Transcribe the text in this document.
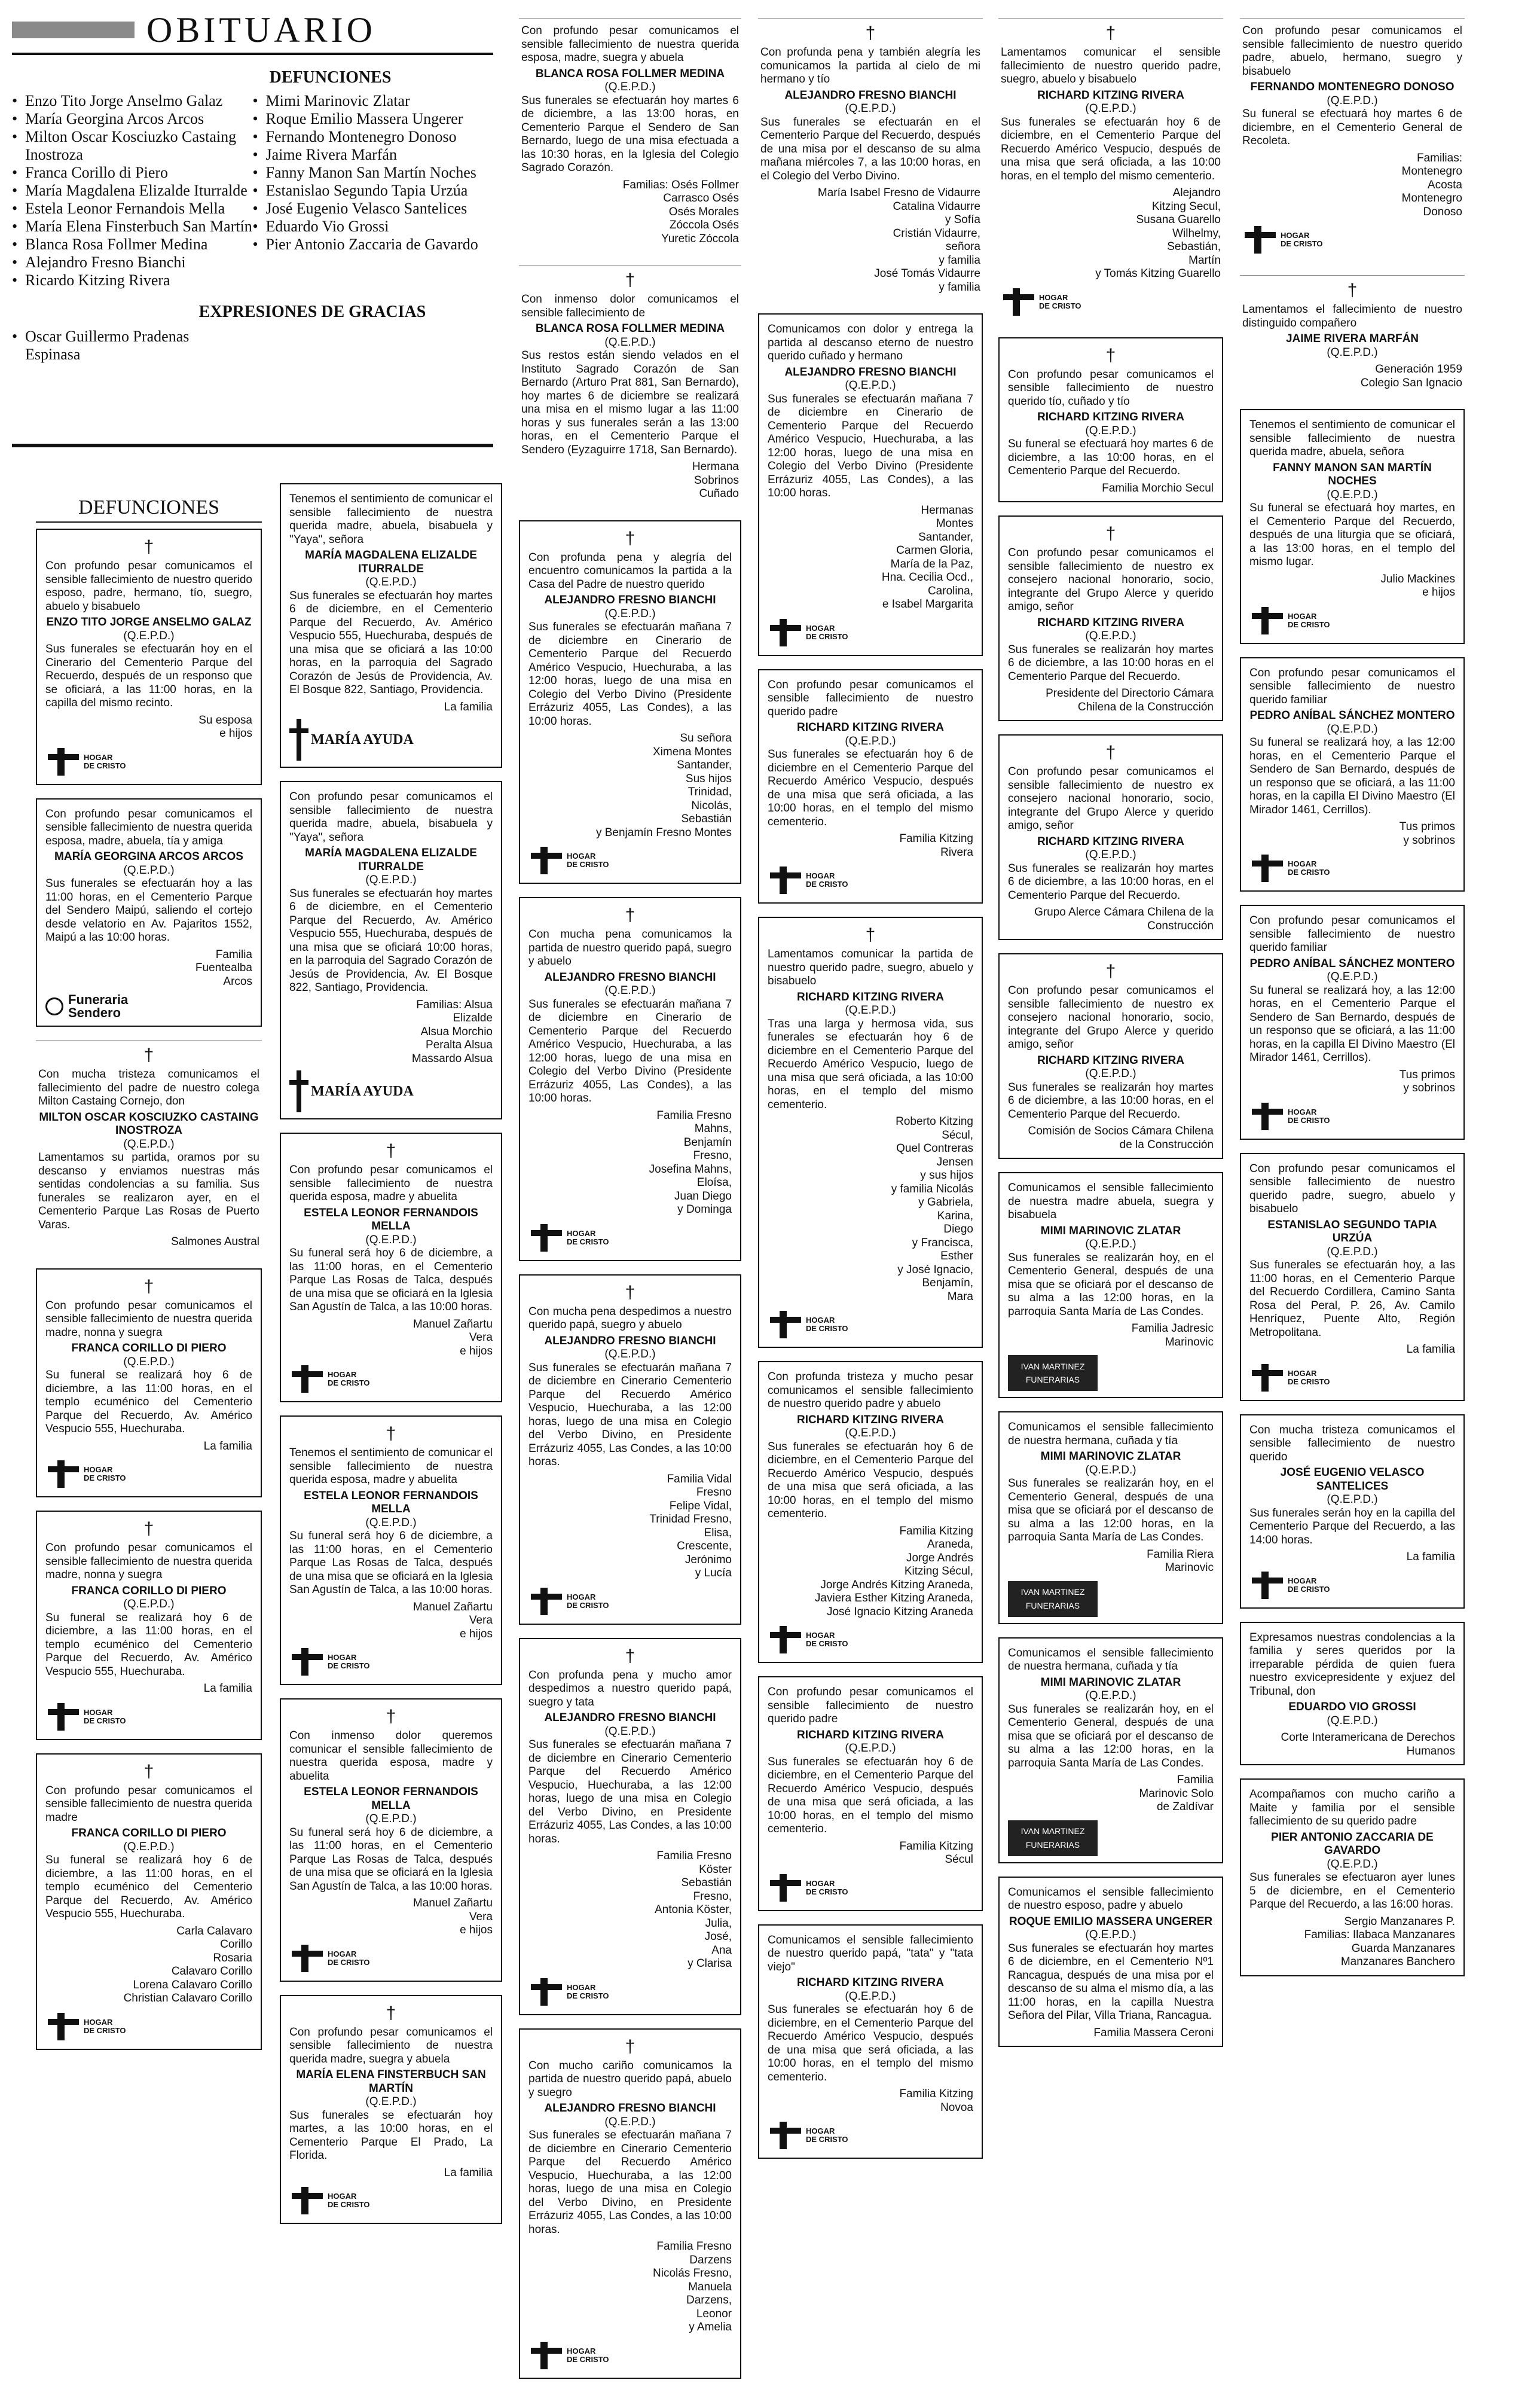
OBITUARIO
DEFUNCIONES
• Enzo Tito Jorge Anselmo Galaz
• María Georgina Arcos Arcos
• Milton Oscar Kosciuzko Castaing Inostroza
• Franca Corillo di Piero
• María Magdalena Elizalde Iturralde
• Estela Leonor Fernandois Mella
• María Elena Finsterbuch San Martín
• Blanca Rosa Follmer Medina
• Alejandro Fresno Bianchi
• Ricardo Kitzing Rivera
• Mimi Marinovic Zlatar
• Roque Emilio Massera Ungerer
• Fernando Montenegro Donoso
• Jaime Rivera Marfán
• Fanny Manon San Martín Noches
• Estanislao Segundo Tapia Urzúa
• José Eugenio Velasco Santelices
• Eduardo Vio Grossi
• Pier Antonio Zaccaria de Gavardo
EXPRESIONES DE GRACIAS
• Oscar Guillermo Pradenas Espinasa
DEFUNCIONES
†
Con profundo pesar comunicamos el sensible fallecimiento de nuestro querido esposo, padre, hermano, tío, suegro, abuelo y bisabuelo
ENZO TITO JORGE ANSELMO GALAZ
(Q.E.P.D.)
Sus funerales se efectuarán hoy en el Cinerario del Cementerio Parque del Recuerdo, después de un responso que se oficiará, a las 11:00 horas, en la capilla del mismo recinto.
Su esposa
e hijos
HOGAR
DE CRISTO
Con profundo pesar comunicamos el sensible fallecimiento de nuestra querida esposa, madre, abuela, tía y amiga
MARÍA GEORGINA ARCOS ARCOS
(Q.E.P.D.)
Sus funerales se efectuarán hoy a las 11:00 horas, en el Cementerio Parque del Sendero Maipú, saliendo el cortejo desde velatorio en Av. Pajaritos 1552, Maipú a las 10:00 horas.
Familia
Fuentealba
Arcos
Funeraria
Sendero
†
Con mucha tristeza comunicamos el fallecimiento del padre de nuestro colega Milton Castaing Cornejo, don
MILTON OSCAR KOSCIUZKO CASTAING INOSTROZA
(Q.E.P.D.)
Lamentamos su partida, oramos por su descanso y enviamos nuestras más sentidas condolencias a su familia. Sus funerales se realizaron ayer, en el Cementerio Parque Las Rosas de Puerto Varas.
Salmones Austral
†
Con profundo pesar comunicamos el sensible fallecimiento de nuestra querida madre, nonna y suegra
FRANCA CORILLO DI PIERO
(Q.E.P.D.)
Su funeral se realizará hoy 6 de diciembre, a las 11:00 horas, en el templo ecuménico del Cementerio Parque del Recuerdo, Av. Américo Vespucio 555, Huechuraba.
La familia
HOGAR
DE CRISTO
†
Con profundo pesar comunicamos el sensible fallecimiento de nuestra querida madre, nonna y suegra
FRANCA CORILLO DI PIERO
(Q.E.P.D.)
Su funeral se realizará hoy 6 de diciembre, a las 11:00 horas, en el templo ecuménico del Cementerio Parque del Recuerdo, Av. Américo Vespucio 555, Huechuraba.
La familia
HOGAR
DE CRISTO
†
Con profundo pesar comunicamos el sensible fallecimiento de nuestra querida madre
FRANCA CORILLO DI PIERO
(Q.E.P.D.)
Su funeral se realizará hoy 6 de diciembre, a las 11:00 horas, en el templo ecuménico del Cementerio Parque del Recuerdo, Av. Américo Vespucio 555, Huechuraba.
Carla Calavaro
Corillo
Rosaria
Calavaro Corillo
Lorena Calavaro Corillo
Christian Calavaro Corillo
HOGAR
DE CRISTO
Tenemos el sentimiento de comunicar el sensible fallecimiento de nuestra querida madre, abuela, bisabuela y "Yaya", señora
MARÍA MAGDALENA ELIZALDE ITURRALDE
(Q.E.P.D.)
Sus funerales se efectuarán hoy martes 6 de diciembre, en el Cementerio Parque del Recuerdo, Av. Américo Vespucio 555, Huechuraba, después de una misa que se oficiará a las 10:00 horas, en la parroquia del Sagrado Corazón de Jesús de Providencia, Av. El Bosque 822, Santiago, Providencia.
La familia
MARÍA AYUDA
Con profundo pesar comunicamos el sensible fallecimiento de nuestra querida madre, abuela, bisabuela y "Yaya", señora
MARÍA MAGDALENA ELIZALDE ITURRALDE
(Q.E.P.D.)
Sus funerales se efectuarán hoy martes 6 de diciembre, en el Cementerio Parque del Recuerdo, Av. Américo Vespucio 555, Huechuraba, después de una misa que se oficiará 10:00 horas, en la parroquia del Sagrado Corazón de Jesús de Providencia, Av. El Bosque 822, Santiago, Providencia.
Familias: Alsua
Elizalde
Alsua Morchio
Peralta Alsua
Massardo Alsua
MARÍA AYUDA
†
Con profundo pesar comunicamos el sensible fallecimiento de nuestra querida esposa, madre y abuelita
ESTELA LEONOR FERNANDOIS MELLA
(Q.E.P.D.)
Su funeral será hoy 6 de diciembre, a las 11:00 horas, en el Cementerio Parque Las Rosas de Talca, después de una misa que se oficiará en la Iglesia San Agustín de Talca, a las 10:00 horas.
Manuel Zañartu
Vera
e hijos
HOGAR
DE CRISTO
†
Tenemos el sentimiento de comunicar el sensible fallecimiento de nuestra querida esposa, madre y abuelita
ESTELA LEONOR FERNANDOIS MELLA
(Q.E.P.D.)
Su funeral será hoy 6 de diciembre, a las 11:00 horas, en el Cementerio Parque Las Rosas de Talca, después de una misa que se oficiará en la Iglesia San Agustín de Talca, a las 10:00 horas.
Manuel Zañartu
Vera
e hijos
HOGAR
DE CRISTO
†
Con inmenso dolor queremos comunicar el sensible fallecimiento de nuestra querida esposa, madre y abuelita
ESTELA LEONOR FERNANDOIS MELLA
(Q.E.P.D.)
Su funeral será hoy 6 de diciembre, a las 11:00 horas, en el Cementerio Parque Las Rosas de Talca, después de una misa que se oficiará en la Iglesia San Agustín de Talca, a las 10:00 horas.
Manuel Zañartu
Vera
e hijos
HOGAR
DE CRISTO
†
Con profundo pesar comunicamos el sensible fallecimiento de nuestra querida madre, suegra y abuela
MARÍA ELENA FINSTERBUCH SAN MARTÍN
(Q.E.P.D.)
Sus funerales se efectuarán hoy martes, a las 10:00 horas, en el Cementerio Parque El Prado, La Florida.
La familia
HOGAR
DE CRISTO
Con profundo pesar comunicamos el sensible fallecimiento de nuestra querida esposa, madre, suegra y abuela
BLANCA ROSA FOLLMER MEDINA
(Q.E.P.D.)
Sus funerales se efectuarán hoy martes 6 de diciembre, a las 13:00 horas, en Cementerio Parque el Sendero de San Bernardo, luego de una misa efectuada a las 10:30 horas, en la Iglesia del Colegio Sagrado Corazón.
Familias: Osés Follmer
Carrasco Osés
Osés Morales
Zóccola Osés
Yuretic Zóccola
†
Con inmenso dolor comunicamos el sensible fallecimiento de
BLANCA ROSA FOLLMER MEDINA
(Q.E.P.D.)
Sus restos están siendo velados en el Instituto Sagrado Corazón de San Bernardo (Arturo Prat 881, San Bernardo), hoy martes 6 de diciembre se realizará una misa en el mismo lugar a las 11:00 horas y sus funerales serán a las 13:00 horas, en el Cementerio Parque el Sendero (Eyzaguirre 1718, San Bernardo).
Hermana
Sobrinos
Cuñado
†
Con profunda pena y alegría del encuentro comunicamos la partida a la Casa del Padre de nuestro querido
ALEJANDRO FRESNO BIANCHI
(Q.E.P.D.)
Sus funerales se efectuarán mañana 7 de diciembre en Cinerario de Cementerio Parque del Recuerdo Américo Vespucio, Huechuraba, a las 12:00 horas, luego de una misa en Colegio del Verbo Divino (Presidente Errázuriz 4055, Las Condes), a las 10:00 horas.
Su señora
Ximena Montes
Santander,
Sus hijos
Trinidad,
Nicolás,
Sebastián
y Benjamín Fresno Montes
HOGAR
DE CRISTO
†
Con mucha pena comunicamos la partida de nuestro querido papá, suegro y abuelo
ALEJANDRO FRESNO BIANCHI
(Q.E.P.D.)
Sus funerales se efectuarán mañana 7 de diciembre en Cinerario de Cementerio Parque del Recuerdo Américo Vespucio, Huechuraba, a las 12:00 horas, luego de una misa en Colegio del Verbo Divino (Presidente Errázuriz 4055, Las Condes), a las 10:00 horas.
Familia Fresno
Mahns,
Benjamín
Fresno,
Josefina Mahns,
Eloísa,
Juan Diego
y Dominga
HOGAR
DE CRISTO
†
Con mucha pena despedimos a nuestro querido papá, suegro y abuelo
ALEJANDRO FRESNO BIANCHI
(Q.E.P.D.)
Sus funerales se efectuarán mañana 7 de diciembre en Cinerario Cementerio Parque del Recuerdo Américo Vespucio, Huechuraba, a las 12:00 horas, luego de una misa en Colegio del Verbo Divino, en Presidente Errázuriz 4055, Las Condes, a las 10:00 horas.
Familia Vidal
Fresno
Felipe Vidal,
Trinidad Fresno,
Elisa,
Crescente,
Jerónimo
y Lucía
HOGAR
DE CRISTO
†
Con profunda pena y mucho amor despedimos a nuestro querido papá, suegro y tata
ALEJANDRO FRESNO BIANCHI
(Q.E.P.D.)
Sus funerales se efectuarán mañana 7 de diciembre en Cinerario Cementerio Parque del Recuerdo Américo Vespucio, Huechuraba, a las 12:00 horas, luego de una misa en Colegio del Verbo Divino, en Presidente Errázuriz 4055, Las Condes, a las 10:00 horas.
Familia Fresno
Köster
Sebastián
Fresno,
Antonia Köster,
Julia,
José,
Ana
y Clarisa
HOGAR
DE CRISTO
†
Con mucho cariño comunicamos la partida de nuestro querido papá, abuelo y suegro
ALEJANDRO FRESNO BIANCHI
(Q.E.P.D.)
Sus funerales se efectuarán mañana 7 de diciembre en Cinerario Cementerio Parque del Recuerdo Américo Vespucio, Huechuraba, a las 12:00 horas, luego de una misa en Colegio del Verbo Divino, en Presidente Errázuriz 4055, Las Condes, a las 10:00 horas.
Familia Fresno
Darzens
Nicolás Fresno,
Manuela
Darzens,
Leonor
y Amelia
HOGAR
DE CRISTO
†
Con profunda pena y también alegría les comunicamos la partida al cielo de mi hermano y tío
ALEJANDRO FRESNO BIANCHI
(Q.E.P.D.)
Sus funerales se efectuarán en el Cementerio Parque del Recuerdo, después de una misa por el descanso de su alma mañana miércoles 7, a las 10:00 horas, en el Colegio del Verbo Divino.
María Isabel Fresno de Vidaurre
Catalina Vidaurre
y Sofía
Cristián Vidaurre,
señora
y familia
José Tomás Vidaurre
y familia
Comunicamos con dolor y entrega la partida al descanso eterno de nuestro querido cuñado y hermano
ALEJANDRO FRESNO BIANCHI
(Q.E.P.D.)
Sus funerales se efectuarán mañana 7 de diciembre en Cinerario de Cementerio Parque del Recuerdo Américo Vespucio, Huechuraba, a las 12:00 horas, luego de una misa en Colegio del Verbo Divino (Presidente Errázuriz 4055, Las Condes), a las 10:00 horas.
Hermanas
Montes
Santander,
Carmen Gloria,
María de la Paz,
Hna. Cecilia Ocd.,
Carolina,
e Isabel Margarita
HOGAR
DE CRISTO
Con profundo pesar comunicamos el sensible fallecimiento de nuestro querido padre
RICHARD KITZING RIVERA
(Q.E.P.D.)
Sus funerales se efectuarán hoy 6 de diciembre en el Cementerio Parque del Recuerdo Américo Vespucio, después de una misa que será oficiada, a las 10:00 horas, en el templo del mismo cementerio.
Familia Kitzing
Rivera
HOGAR
DE CRISTO
†
Lamentamos comunicar la partida de nuestro querido padre, suegro, abuelo y bisabuelo
RICHARD KITZING RIVERA
(Q.E.P.D.)
Tras una larga y hermosa vida, sus funerales se efectuarán hoy 6 de diciembre en el Cementerio Parque del Recuerdo Américo Vespucio, luego de una misa que será oficiada, a las 10:00 horas, en el templo del mismo cementerio.
Roberto Kitzing
Sécul,
Quel Contreras
Jensen
y sus hijos
y familia Nicolás
y Gabriela,
Karina,
Diego
y Francisca,
Esther
y José Ignacio,
Benjamín,
Mara
HOGAR
DE CRISTO
Con profunda tristeza y mucho pesar comunicamos el sensible fallecimiento de nuestro querido padre y abuelo
RICHARD KITZING RIVERA
(Q.E.P.D.)
Sus funerales se efectuarán hoy 6 de diciembre, en el Cementerio Parque del Recuerdo Américo Vespucio, después de una misa que será oficiada, a las 10:00 horas, en el templo del mismo cementerio.
Familia Kitzing
Araneda,
Jorge Andrés
Kitzing Sécul,
Jorge Andrés Kitzing Araneda,
Javiera Esther Kitzing Araneda,
José Ignacio Kitzing Araneda
HOGAR
DE CRISTO
Con profundo pesar comunicamos el sensible fallecimiento de nuestro querido padre
RICHARD KITZING RIVERA
(Q.E.P.D.)
Sus funerales se efectuarán hoy 6 de diciembre, en el Cementerio Parque del Recuerdo Américo Vespucio, después de una misa que será oficiada, a las 10:00 horas, en el templo del mismo cementerio.
Familia Kitzing
Sécul
HOGAR
DE CRISTO
Comunicamos el sensible fallecimiento de nuestro querido papá, "tata" y "tata viejo"
RICHARD KITZING RIVERA
(Q.E.P.D.)
Sus funerales se efectuarán hoy 6 de diciembre, en el Cementerio Parque del Recuerdo Américo Vespucio, después de una misa que será oficiada, a las 10:00 horas, en el templo del mismo cementerio.
Familia Kitzing
Novoa
HOGAR
DE CRISTO
†
Lamentamos comunicar el sensible fallecimiento de nuestro querido padre, suegro, abuelo y bisabuelo
RICHARD KITZING RIVERA
(Q.E.P.D.)
Sus funerales se efectuarán hoy 6 de diciembre, en el Cementerio Parque del Recuerdo Américo Vespucio, después de una misa que será oficiada, a las 10:00 horas, en el templo del mismo cementerio.
Alejandro
Kitzing Secul,
Susana Guarello
Wilhelmy,
Sebastián,
Martín
y Tomás Kitzing Guarello
HOGAR
DE CRISTO
†
Con profundo pesar comunicamos el sensible fallecimiento de nuestro querido tío, cuñado y tío
RICHARD KITZING RIVERA
(Q.E.P.D.)
Su funeral se efectuará hoy martes 6 de diciembre, a las 10:00 horas, en el Cementerio Parque del Recuerdo.
Familia Morchio Secul
†
Con profundo pesar comunicamos el sensible fallecimiento de nuestro ex consejero nacional honorario, socio, integrante del Grupo Alerce y querido amigo, señor
RICHARD KITZING RIVERA
(Q.E.P.D.)
Sus funerales se realizarán hoy martes 6 de diciembre, a las 10:00 horas en el Cementerio Parque del Recuerdo.
Presidente del Directorio Cámara
Chilena de la Construcción
†
Con profundo pesar comunicamos el sensible fallecimiento de nuestro ex consejero nacional honorario, socio, integrante del Grupo Alerce y querido amigo, señor
RICHARD KITZING RIVERA
(Q.E.P.D.)
Sus funerales se realizarán hoy martes 6 de diciembre, a las 10:00 horas, en el Cementerio Parque del Recuerdo.
Grupo Alerce Cámara Chilena de la
Construcción
†
Con profundo pesar comunicamos el sensible fallecimiento de nuestro ex consejero nacional honorario, socio, integrante del Grupo Alerce y querido amigo, señor
RICHARD KITZING RIVERA
(Q.E.P.D.)
Sus funerales se realizarán hoy martes 6 de diciembre, a las 10:00 horas, en el Cementerio Parque del Recuerdo.
Comisión de Socios Cámara Chilena
de la Construcción
Comunicamos el sensible fallecimiento de nuestra madre abuela, suegra y bisabuela
MIMI MARINOVIC ZLATAR
(Q.E.P.D.)
Sus funerales se realizarán hoy, en el Cementerio General, después de una misa que se oficiará por el descanso de su alma a las 12:00 horas, en la parroquia Santa María de Las Condes.
Familia Jadresic
Marinovic
IVAN MARTINEZ
FUNERARIAS
Comunicamos el sensible fallecimiento de nuestra hermana, cuñada y tía
MIMI MARINOVIC ZLATAR
(Q.E.P.D.)
Sus funerales se realizarán hoy, en el Cementerio General, después de una misa que se oficiará por el descanso de su alma a las 12:00 horas, en la parroquia Santa María de Las Condes.
Familia Riera
Marinovic
IVAN MARTINEZ
FUNERARIAS
Comunicamos el sensible fallecimiento de nuestra hermana, cuñada y tía
MIMI MARINOVIC ZLATAR
(Q.E.P.D.)
Sus funerales se realizarán hoy, en el Cementerio General, después de una misa que se oficiará por el descanso de su alma a las 12:00 horas, en la parroquia Santa María de Las Condes.
Familia
Marinovic Solo
de Zaldívar
IVAN MARTINEZ
FUNERARIAS
Comunicamos el sensible fallecimiento de nuestro esposo, padre y abuelo
ROQUE EMILIO MASSERA UNGERER
(Q.E.P.D.)
Sus funerales se efectuarán hoy martes 6 de diciembre, en el Cementerio Nº1 Rancagua, después de una misa por el descanso de su alma el mismo día, a las 11:00 horas, en la capilla Nuestra Señora del Pilar, Villa Triana, Rancagua.
Familia Massera Ceroni
Con profundo pesar comunicamos el sensible fallecimiento de nuestro querido padre, abuelo, hermano, suegro y bisabuelo
FERNANDO MONTENEGRO DONOSO
(Q.E.P.D.)
Su funeral se efectuará hoy martes 6 de diciembre, en el Cementerio General de Recoleta.
Familias:
Montenegro
Acosta
Montenegro
Donoso
HOGAR
DE CRISTO
†
Lamentamos el fallecimiento de nuestro distinguido compañero
JAIME RIVERA MARFÁN
(Q.E.P.D.)
Generación 1959
Colegio San Ignacio
Tenemos el sentimiento de comunicar el sensible fallecimiento de nuestra querida madre, abuela, señora
FANNY MANON SAN MARTÍN NOCHES
(Q.E.P.D.)
Su funeral se efectuará hoy martes, en el Cementerio Parque del Recuerdo, después de una liturgia que se oficiará, a las 13:00 horas, en el templo del mismo lugar.
Julio Mackines
e hijos
HOGAR
DE CRISTO
Con profundo pesar comunicamos el sensible fallecimiento de nuestro querido familiar
PEDRO ANÍBAL SÁNCHEZ MONTERO
(Q.E.P.D.)
Su funeral se realizará hoy, a las 12:00 horas, en el Cementerio Parque el Sendero de San Bernardo, después de un responso que se oficiará, a las 11:00 horas, en la capilla El Divino Maestro (El Mirador 1461, Cerrillos).
Tus primos
y sobrinos
HOGAR
DE CRISTO
Con profundo pesar comunicamos el sensible fallecimiento de nuestro querido familiar
PEDRO ANÍBAL SÁNCHEZ MONTERO
(Q.E.P.D.)
Su funeral se realizará hoy, a las 12:00 horas, en el Cementerio Parque el Sendero de San Bernardo, después de un responso que se oficiará, a las 11:00 horas, en la capilla El Divino Maestro (El Mirador 1461, Cerrillos).
Tus primos
y sobrinos
HOGAR
DE CRISTO
Con profundo pesar comunicamos el sensible fallecimiento de nuestro querido padre, suegro, abuelo y bisabuelo
ESTANISLAO SEGUNDO TAPIA URZÚA
(Q.E.P.D.)
Sus funerales se efectuarán hoy, a las 11:00 horas, en el Cementerio Parque del Recuerdo Cordillera, Camino Santa Rosa del Peral, P. 26, Av. Camilo Henríquez, Puente Alto, Región Metropolitana.
La familia
HOGAR
DE CRISTO
Con mucha tristeza comunicamos el sensible fallecimiento de nuestro querido
JOSÉ EUGENIO VELASCO SANTELICES
(Q.E.P.D.)
Sus funerales serán hoy en la capilla del Cementerio Parque del Recuerdo, a las 14:00 horas.
La familia
HOGAR
DE CRISTO
Expresamos nuestras condolencias a la familia y seres queridos por la irreparable pérdida de quien fuera nuestro exvicepresidente y exjuez del Tribunal, don
EDUARDO VIO GROSSI
(Q.E.P.D.)
Corte Interamericana de Derechos
Humanos
Acompañamos con mucho cariño a Maite y familia por el sensible fallecimiento de su querido padre
PIER ANTONIO ZACCARIA DE GAVARDO
(Q.E.P.D.)
Sus funerales se efectuaron ayer lunes 5 de diciembre, en el Cementerio Parque del Recuerdo, a las 16:00 horas.
Sergio Manzanares P.
Familias: Ilabaca Manzanares
Guarda Manzanares
Manzanares Banchero
